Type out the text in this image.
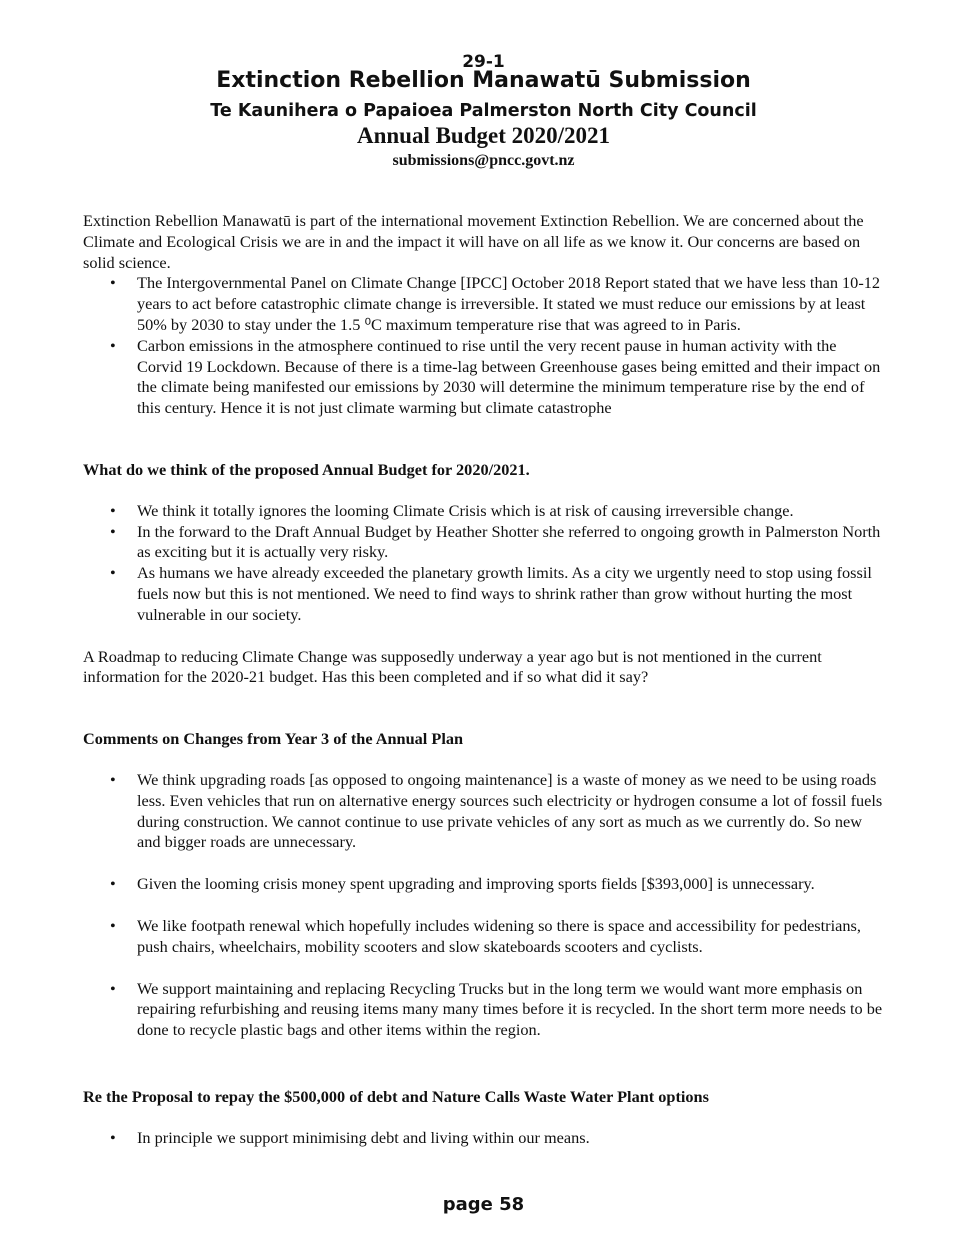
29-1
Extinction Rebellion Manawatū Submission
Te Kaunihera o Papaioea Palmerston North City Council
Annual Budget 2020/2021
submissions@pncc.govt.nz

Extinction Rebellion Manawatū is part of the international movement Extinction Rebellion. We are concerned about the Climate and Ecological Crisis we are in and the impact it will have on all life as we know it. Our concerns are based on solid science.

• The Intergovernmental Panel on Climate Change [IPCC] October 2018 Report stated that we have less than 10-12 years to act before catastrophic climate change is irreversible. It stated we must reduce our emissions by at least 50% by 2030 to stay under the 1.5 ⁰C maximum temperature rise that was agreed to in Paris.
• Carbon emissions in the atmosphere continued to rise until the very recent pause in human activity with the Corvid 19 Lockdown. Because of there is a time-lag between Greenhouse gases being emitted and their impact on the climate being manifested our emissions by 2030 will determine the minimum temperature rise by the end of this century. Hence it is not just climate warming but climate catastrophe

What do we think of the proposed Annual Budget for 2020/2021.

• We think it totally ignores the looming Climate Crisis which is at risk of causing irreversible change.
• In the forward to the Draft Annual Budget by Heather Shotter she referred to ongoing growth in Palmerston North as exciting but it is actually very risky.
• As humans we have already exceeded the planetary growth limits. As a city we urgently need to stop using fossil fuels now but this is not mentioned. We need to find ways to shrink rather than grow without hurting the most vulnerable in our society.

A Roadmap to reducing Climate Change was supposedly underway a year ago but is not mentioned in the current information for the 2020-21 budget. Has this been completed and if so what did it say?

Comments on Changes from Year 3 of the Annual Plan

• We think upgrading roads [as opposed to ongoing maintenance] is a waste of money as we need to be using roads less. Even vehicles that run on alternative energy sources such electricity or hydrogen consume a lot of fossil fuels during construction. We cannot continue to use private vehicles of any sort as much as we currently do. So new and bigger roads are unnecessary.
• Given the looming crisis money spent upgrading and improving sports fields [$393,000] is unnecessary.
• We like footpath renewal which hopefully includes widening so there is space and accessibility for pedestrians, push chairs, wheelchairs, mobility scooters and slow skateboards scooters and cyclists.
• We support maintaining and replacing Recycling Trucks but in the long term we would want more emphasis on repairing refurbishing and reusing items many many times before it is recycled. In the short term more needs to be done to recycle plastic bags and other items within the region.

Re the Proposal to repay the $500,000 of debt and Nature Calls Waste Water Plant options

• In principle we support minimising debt and living within our means.
page 58
